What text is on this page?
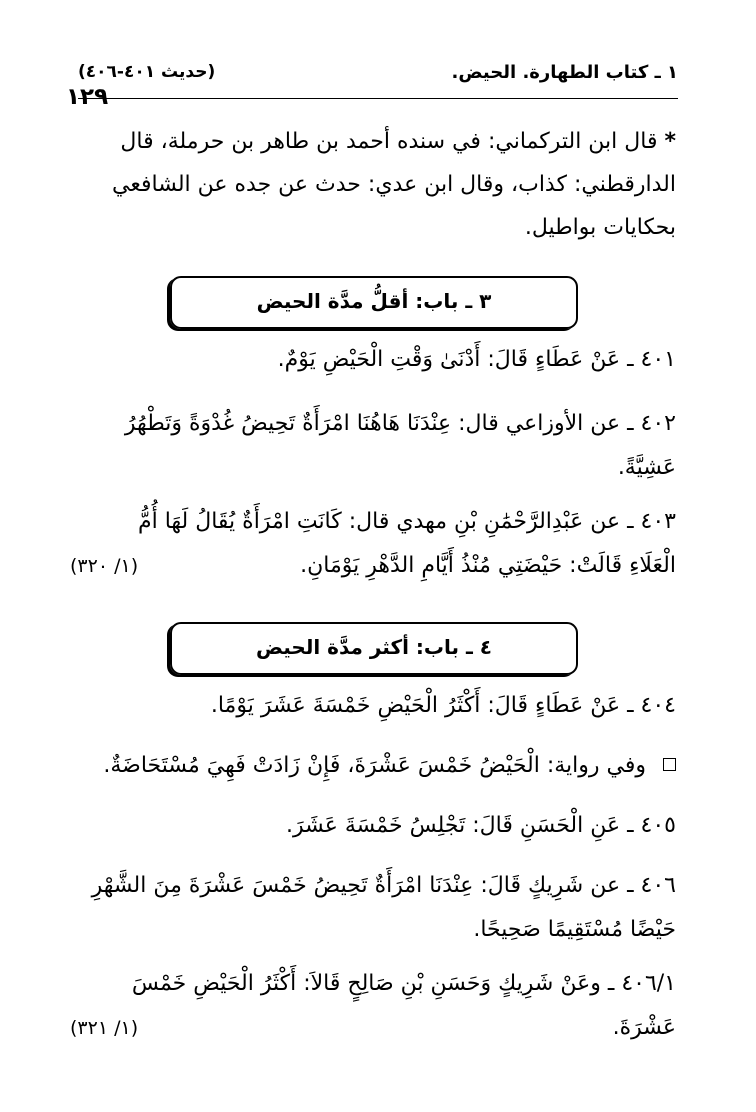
١ ـ كتاب الطهارة. الحيض.
(حديث ٤٠١-٤٠٦)
١٢٩
* قال ابن التركماني: في سنده أحمد بن طاهر بن حرملة، قال
الدارقطني: كذاب، وقال ابن عدي: حدث عن جده عن الشافعي
بحكايات بواطيل.
٣ ـ باب: أقلُّ مدَّة الحيض
٤٠١ ـ عَنْ عَطَاءٍ قَالَ: أَدْنَىٰ وَقْتِ الْحَيْضِ يَوْمٌ.
٤٠٢ ـ عن الأوزاعي قال: عِنْدَنَا هَاهُنَا امْرَأَةٌ تَحِيضُ غُدْوَةً وَتَطْهُرُ
عَشِيَّةً.
٤٠٣ ـ عن عَبْدِالرَّحْمَٰنِ بْنِ مهدي قال: كَانَتِ امْرَأَةٌ يُقَالُ لَهَا أُمُّ
الْعَلَاءِ قَالَتْ: حَيْضَتِي مُنْذُ أَيَّامِ الدَّهْرِ يَوْمَانِ.
(١/ ٣٢٠)
٤ ـ باب: أكثر مدَّة الحيض
٤٠٤ ـ عَنْ عَطَاءٍ قَالَ: أَكْثَرُ الْحَيْضِ خَمْسَةَ عَشَرَ يَوْمًا.
وفي رواية: الْحَيْضُ خَمْسَ عَشْرَةَ، فَإِنْ زَادَتْ فَهِيَ مُسْتَحَاضَةٌ.
٤٠٥ ـ عَنِ الْحَسَنِ قَالَ: تَجْلِسُ خَمْسَةَ عَشَرَ.
٤٠٦ ـ عن شَرِيكٍ قَالَ: عِنْدَنَا امْرَأَةٌ تَحِيضُ خَمْسَ عَشْرَةَ مِنَ الشَّهْرِ
حَيْضًا مُسْتَقِيمًا صَحِيحًا.
٤٠٦/١ ـ وعَنْ شَرِيكٍ وَحَسَنِ بْنِ صَالِحٍ قَالاَ: أَكْثَرُ الْحَيْضِ خَمْسَ
عَشْرَةَ.
(١/ ٣٢١)
